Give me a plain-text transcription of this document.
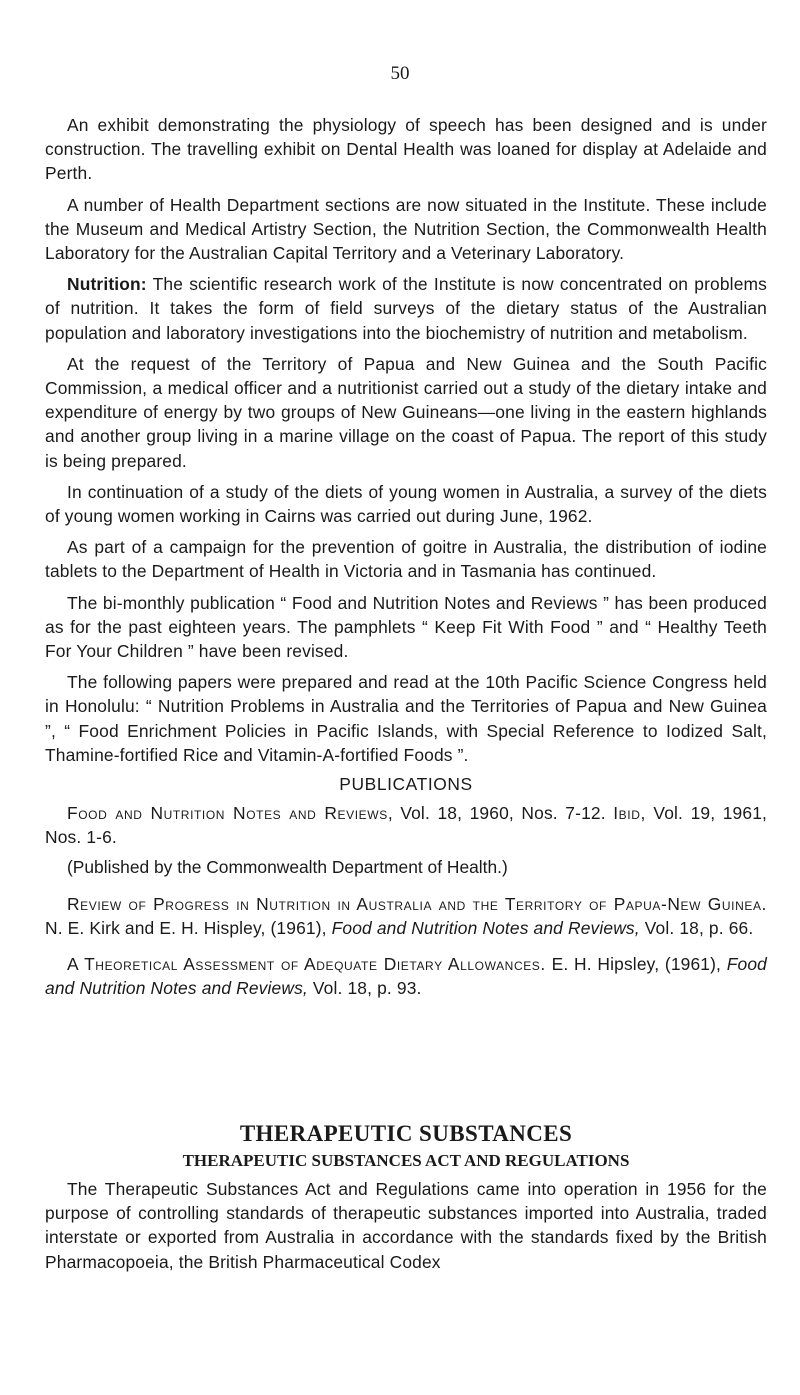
50

An exhibit demonstrating the physiology of speech has been designed and is under construction. The travelling exhibit on Dental Health was loaned for display at Adelaide and Perth.

A number of Health Department sections are now situated in the Institute. These include the Museum and Medical Artistry Section, the Nutrition Section, the Commonwealth Health Laboratory for the Australian Capital Territory and a Veterinary Laboratory.

Nutrition: The scientific research work of the Institute is now concentrated on problems of nutrition. It takes the form of field surveys of the dietary status of the Australian population and laboratory investigations into the biochemistry of nutrition and metabolism.

At the request of the Territory of Papua and New Guinea and the South Pacific Commission, a medical officer and a nutritionist carried out a study of the dietary intake and expenditure of energy by two groups of New Guineans—one living in the eastern highlands and another group living in a marine village on the coast of Papua. The report of this study is being prepared.

In continuation of a study of the diets of young women in Australia, a survey of the diets of young women working in Cairns was carried out during June, 1962.

As part of a campaign for the prevention of goitre in Australia, the distribution of iodine tablets to the Department of Health in Victoria and in Tasmania has continued.

The bi-monthly publication “ Food and Nutrition Notes and Reviews ” has been produced as for the past eighteen years. The pamphlets “ Keep Fit With Food ” and “ Healthy Teeth For Your Children ” have been revised.

The following papers were prepared and read at the 10th Pacific Science Congress held in Honolulu: “ Nutrition Problems in Australia and the Territories of Papua and New Guinea ”, “ Food Enrichment Policies in Pacific Islands, with Special Reference to Iodized Salt, Thamine-fortified Rice and Vitamin-A-fortified Foods ”.

PUBLICATIONS

Food and Nutrition Notes and Reviews, Vol. 18, 1960, Nos. 7-12. Ibid, Vol. 19, 1961, Nos. 1-6.

(Published by the Commonwealth Department of Health.)

Review of Progress in Nutrition in Australia and the Territory of Papua-New Guinea. N. E. Kirk and E. H. Hispley, (1961), Food and Nutrition Notes and Reviews, Vol. 18, p. 66.

A Theoretical Assessment of Adequate Dietary Allowances. E. H. Hipsley, (1961), Food and Nutrition Notes and Reviews, Vol. 18, p. 93.

THERAPEUTIC SUBSTANCES
THERAPEUTIC SUBSTANCES ACT AND REGULATIONS

The Therapeutic Substances Act and Regulations came into operation in 1956 for the purpose of controlling standards of therapeutic substances imported into Australia, traded interstate or exported from Australia in accordance with the standards fixed by the British Pharmacopoeia, the British Pharmaceutical Codex
